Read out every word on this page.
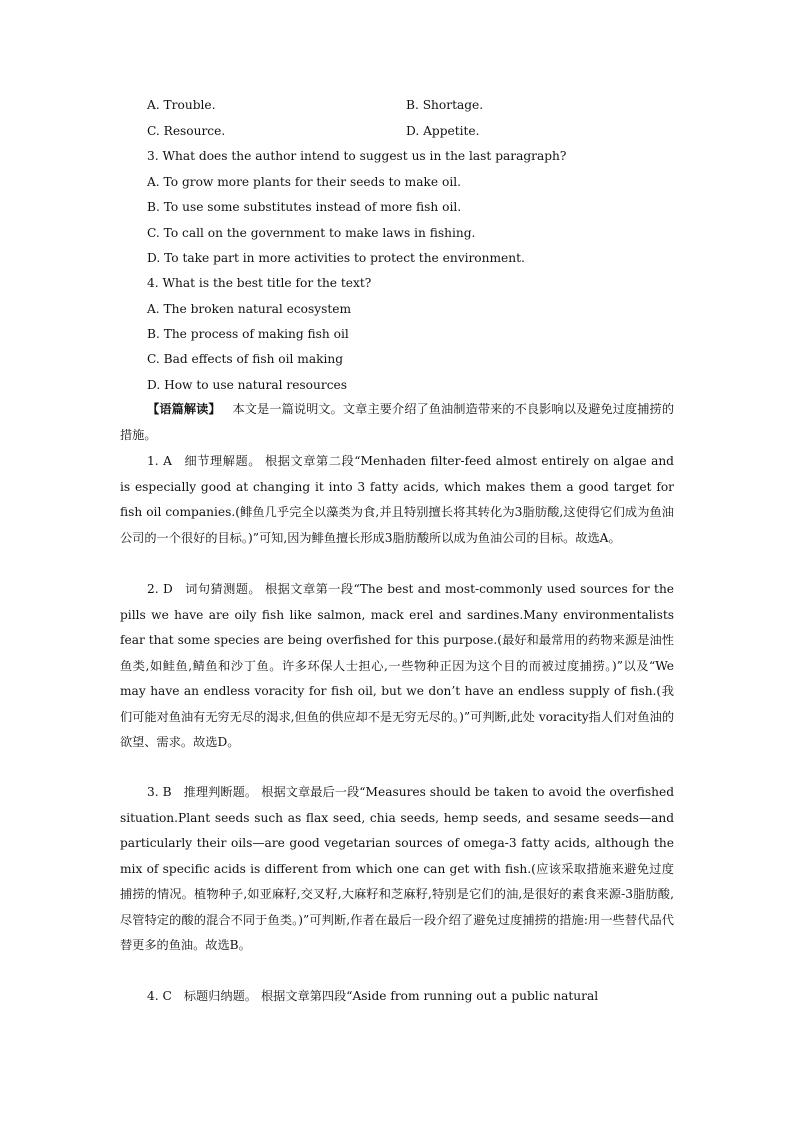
A. Trouble.	B. Shortage.
C. Resource.	D. Appetite.
3. What does the author intend to suggest us in the last paragraph?
A. To grow more plants for their seeds to make oil.
B. To use some substitutes instead of more fish oil.
C. To call on the government to make laws in fishing.
D. To take part in more activities to protect the environment.
4. What is the best title for the text?
A. The broken natural ecosystem
B. The process of making fish oil
C. Bad effects of fish oil making
D. How to use natural resources

【语篇解读】 本文是一篇说明文。文章主要介绍了鱼油制造带来的不良影响以及避免过度捕捞的措施。

1. A 细节理解题。 根据文章第二段“Menhaden filter-feed almost entirely on algae and is especially good at changing it into 3 fatty acids, which makes them a good target for fish oil companies.(鲱鱼几乎完全以藻类为食,并且特别擅长将其转化为3脂肪酸,这使得它们成为鱼油公司的一个很好的目标。)”可知,因为鲱鱼擅长形成3脂肪酸所以成为鱼油公司的目标。故选A。

2. D 词句猜测题。 根据文章第一段“The best and most-commonly used sources for the pills we have are oily fish like salmon, mack erel and sardines.Many environmentalists fear that some species are being overfished for this purpose.(最好和最常用的药物来源是油性鱼类,如鲑鱼,鲭鱼和沙丁鱼。许多环保人士担心,一些物种正因为这个目的而被过度捕捞。)”以及“We may have an endless voracity for fish oil, but we don’t have an endless supply of fish.(我们可能对鱼油有无穷无尽的渴求,但鱼的供应却不是无穷无尽的。)”可判断,此处 voracity指人们对鱼油的欲望、需求。故选D。

3. B 推理判断题。 根据文章最后一段“Measures should be taken to avoid the overfished situation.Plant seeds such as flax seed, chia seeds, hemp seeds, and sesame seeds—and particularly their oils—are good vegetarian sources of omega-3 fatty acids, although the mix of specific acids is different from which one can get with fish.(应该采取措施来避免过度捕捞的情况。植物种子,如亚麻籽,交叉籽,大麻籽和芝麻籽,特别是它们的油,是很好的素食来源-3脂肪酸,尽管特定的酸的混合不同于鱼类。)”可判断,作者在最后一段介绍了避免过度捕捞的措施:用一些替代品代替更多的鱼油。故选B。

4. C 标题归纳题。 根据文章第四段“Aside from running out a public natural
